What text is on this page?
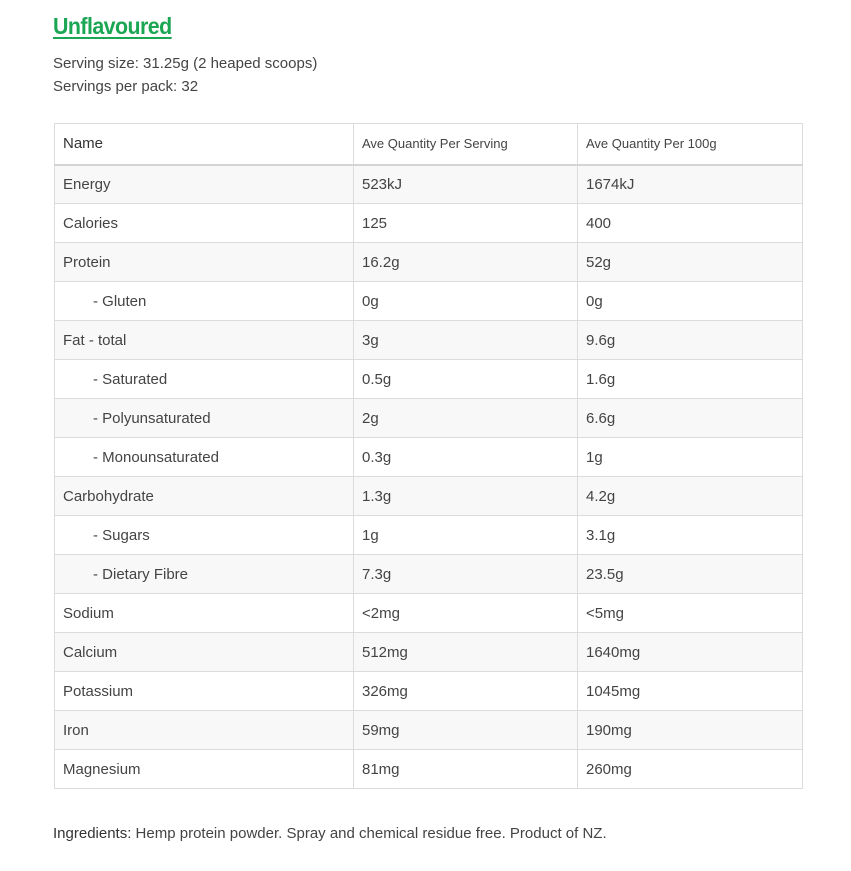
Unflavoured
Serving size: 31.25g (2 heaped scoops)
Servings per pack: 32
Name	Ave Quantity Per Serving	Ave Quantity Per 100g
Energy	523kJ	1674kJ
Calories	125	400
Protein	16.2g	52g
- Gluten	0g	0g
Fat - total	3g	9.6g
- Saturated	0.5g	1.6g
- Polyunsaturated	2g	6.6g
- Monounsaturated	0.3g	1g
Carbohydrate	1.3g	4.2g
- Sugars	1g	3.1g
- Dietary Fibre	7.3g	23.5g
Sodium	<2mg	<5mg
Calcium	512mg	1640mg
Potassium	326mg	1045mg
Iron	59mg	190mg
Magnesium	81mg	260mg
Ingredients: Hemp protein powder. Spray and chemical residue free. Product of NZ.
